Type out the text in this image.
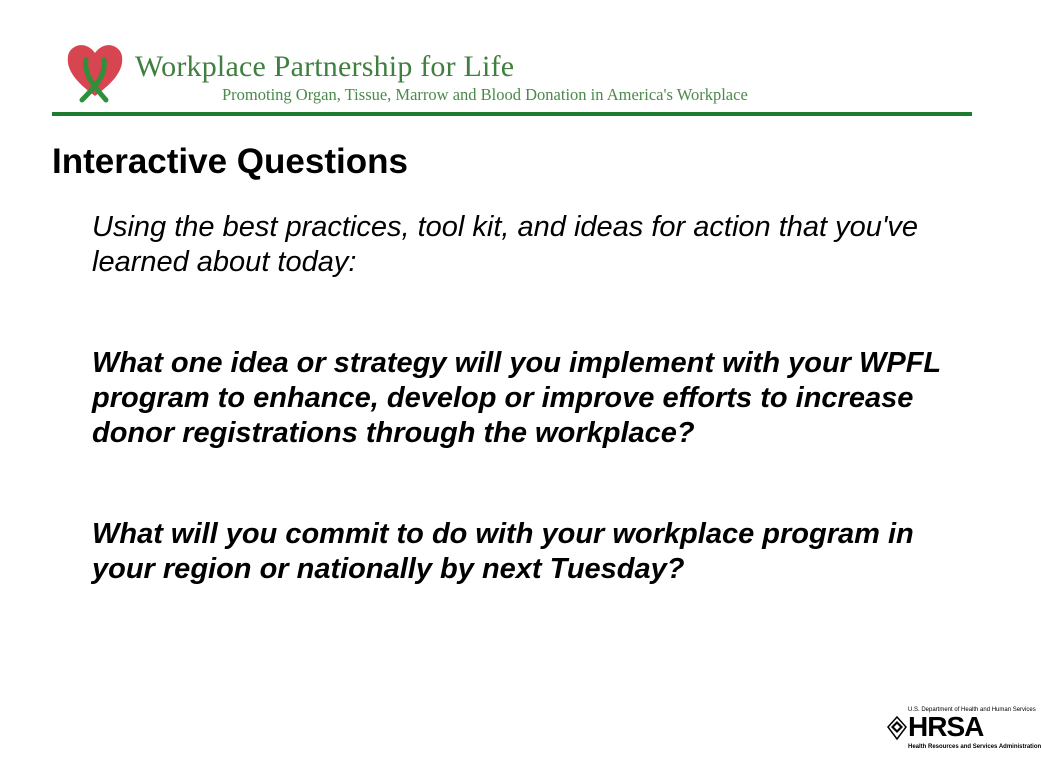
Workplace Partnership for Life
Promoting Organ, Tissue, Marrow and Blood Donation in America's Workplace
Interactive Questions

Using the best practices, tool kit, and ideas for action that you've learned about today:

What one idea or strategy will you implement with your WPFL program to enhance, develop or improve efforts to increase donor registrations through the workplace?

What will you commit to do with your workplace program in your region or nationally by next Tuesday?

U.S. Department of Health and Human Services
HRSA
Health Resources and Services Administration
